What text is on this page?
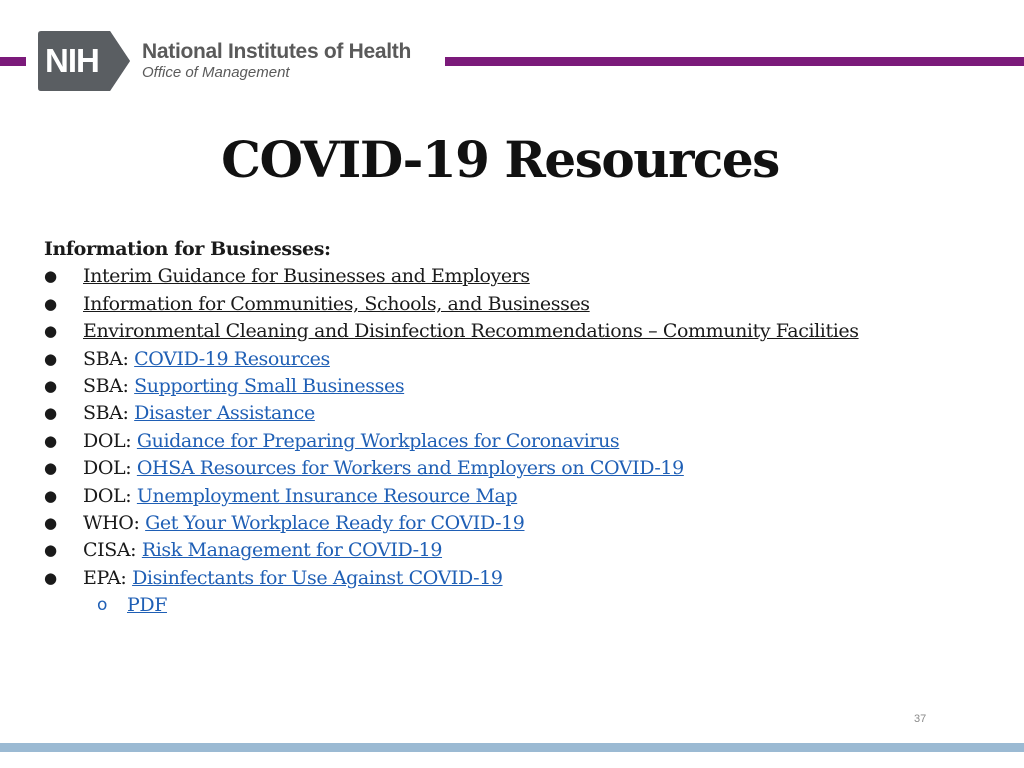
NIH National Institutes of Health
Office of Management
COVID-19 Resources

Information for Businesses:

● Interim Guidance for Businesses and Employers
● Information for Communities, Schools, and Businesses
● Environmental Cleaning and Disinfection Recommendations – Community Facilities
● SBA: COVID-19 Resources
● SBA: Supporting Small Businesses
● SBA: Disaster Assistance
● DOL: Guidance for Preparing Workplaces for Coronavirus
● DOL: OHSA Resources for Workers and Employers on COVID-19
● DOL: Unemployment Insurance Resource Map
● WHO: Get Your Workplace Ready for COVID-19
● CISA: Risk Management for COVID-19
● EPA: Disinfectants for Use Against COVID-19
o PDF
37
